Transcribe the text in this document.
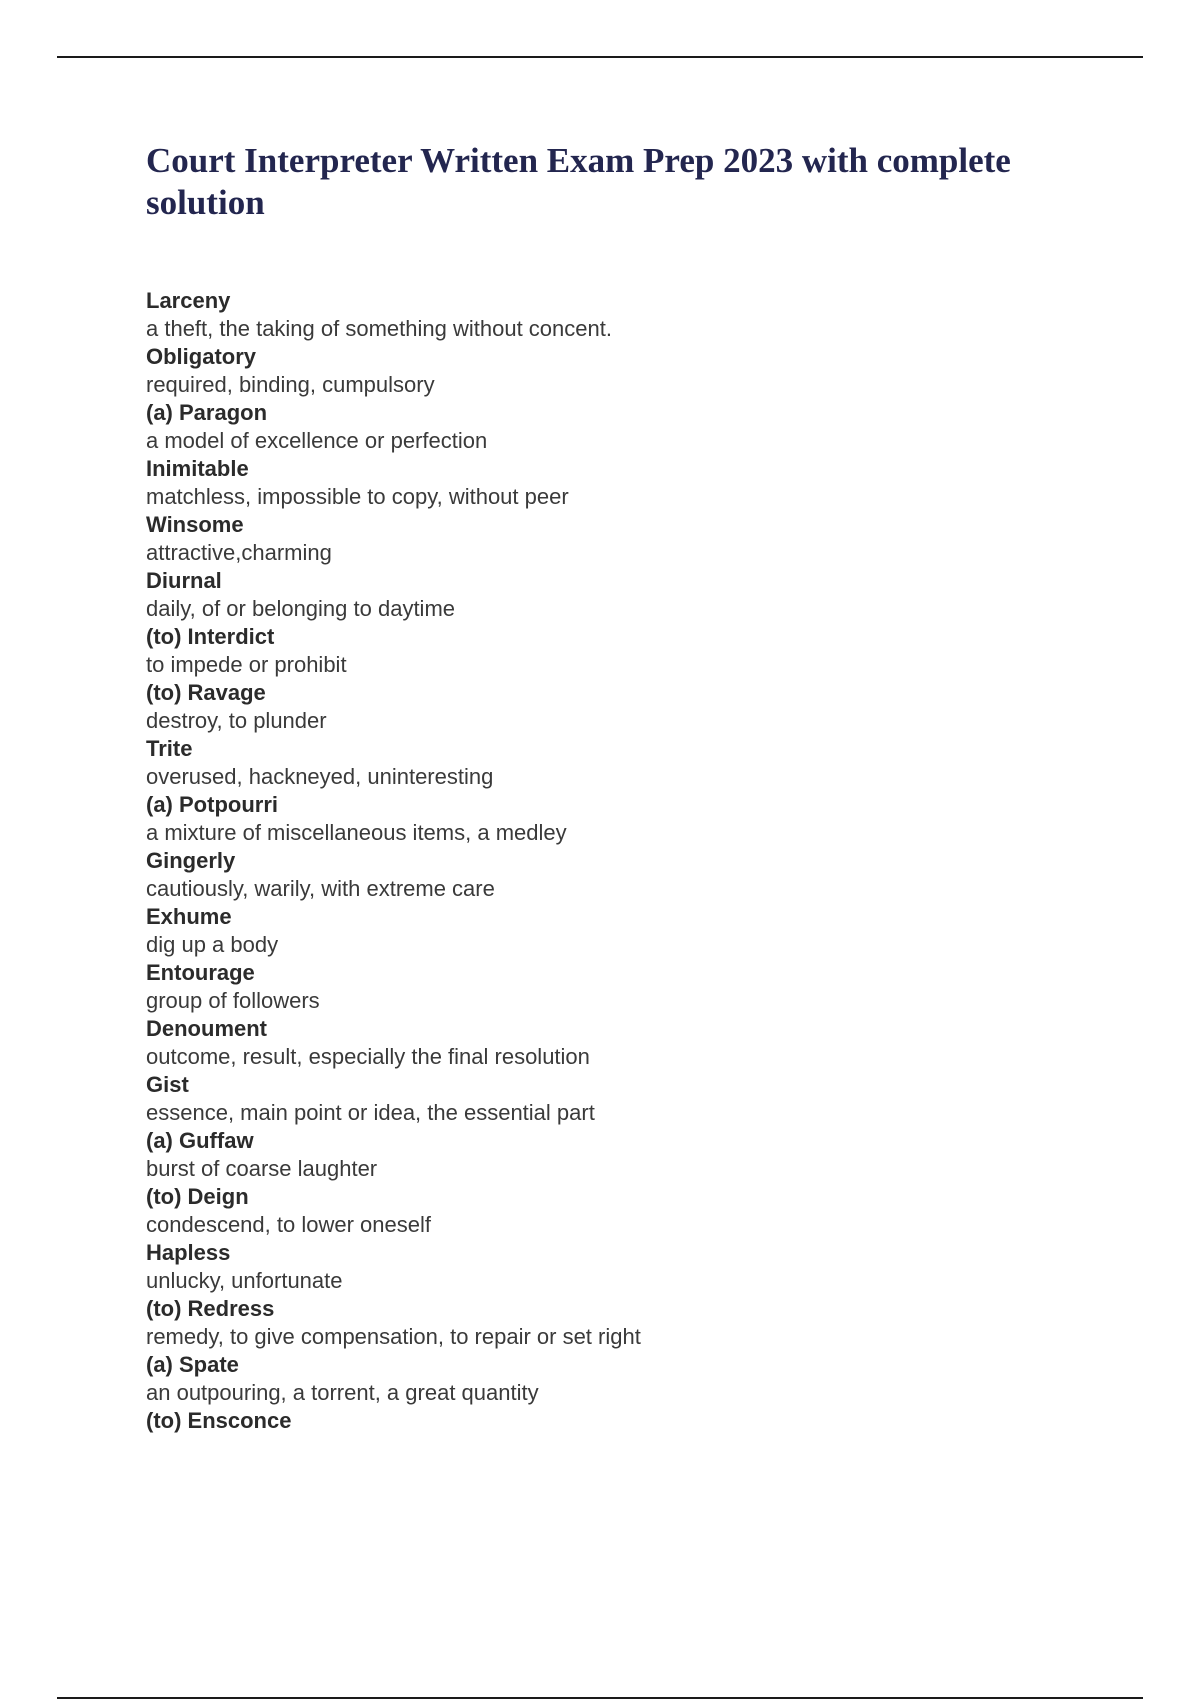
Court Interpreter Written Exam Prep 2023 with complete solution
Larceny
a theft, the taking of something without concent.
Obligatory
required, binding, cumpulsory
(a) Paragon
a model of excellence or perfection
Inimitable
matchless, impossible to copy, without peer
Winsome
attractive,charming
Diurnal
daily, of or belonging to daytime
(to) Interdict
to impede or prohibit
(to) Ravage
destroy, to plunder
Trite
overused, hackneyed, uninteresting
(a) Potpourri
a mixture of miscellaneous items, a medley
Gingerly
cautiously, warily, with extreme care
Exhume
dig up a body
Entourage
group of followers
Denoument
outcome, result, especially the final resolution
Gist
essence, main point or idea, the essential part
(a) Guffaw
burst of coarse laughter
(to) Deign
condescend, to lower oneself
Hapless
unlucky, unfortunate
(to) Redress
remedy, to give compensation, to repair or set right
(a) Spate
an outpouring, a torrent, a great quantity
(to) Ensconce
